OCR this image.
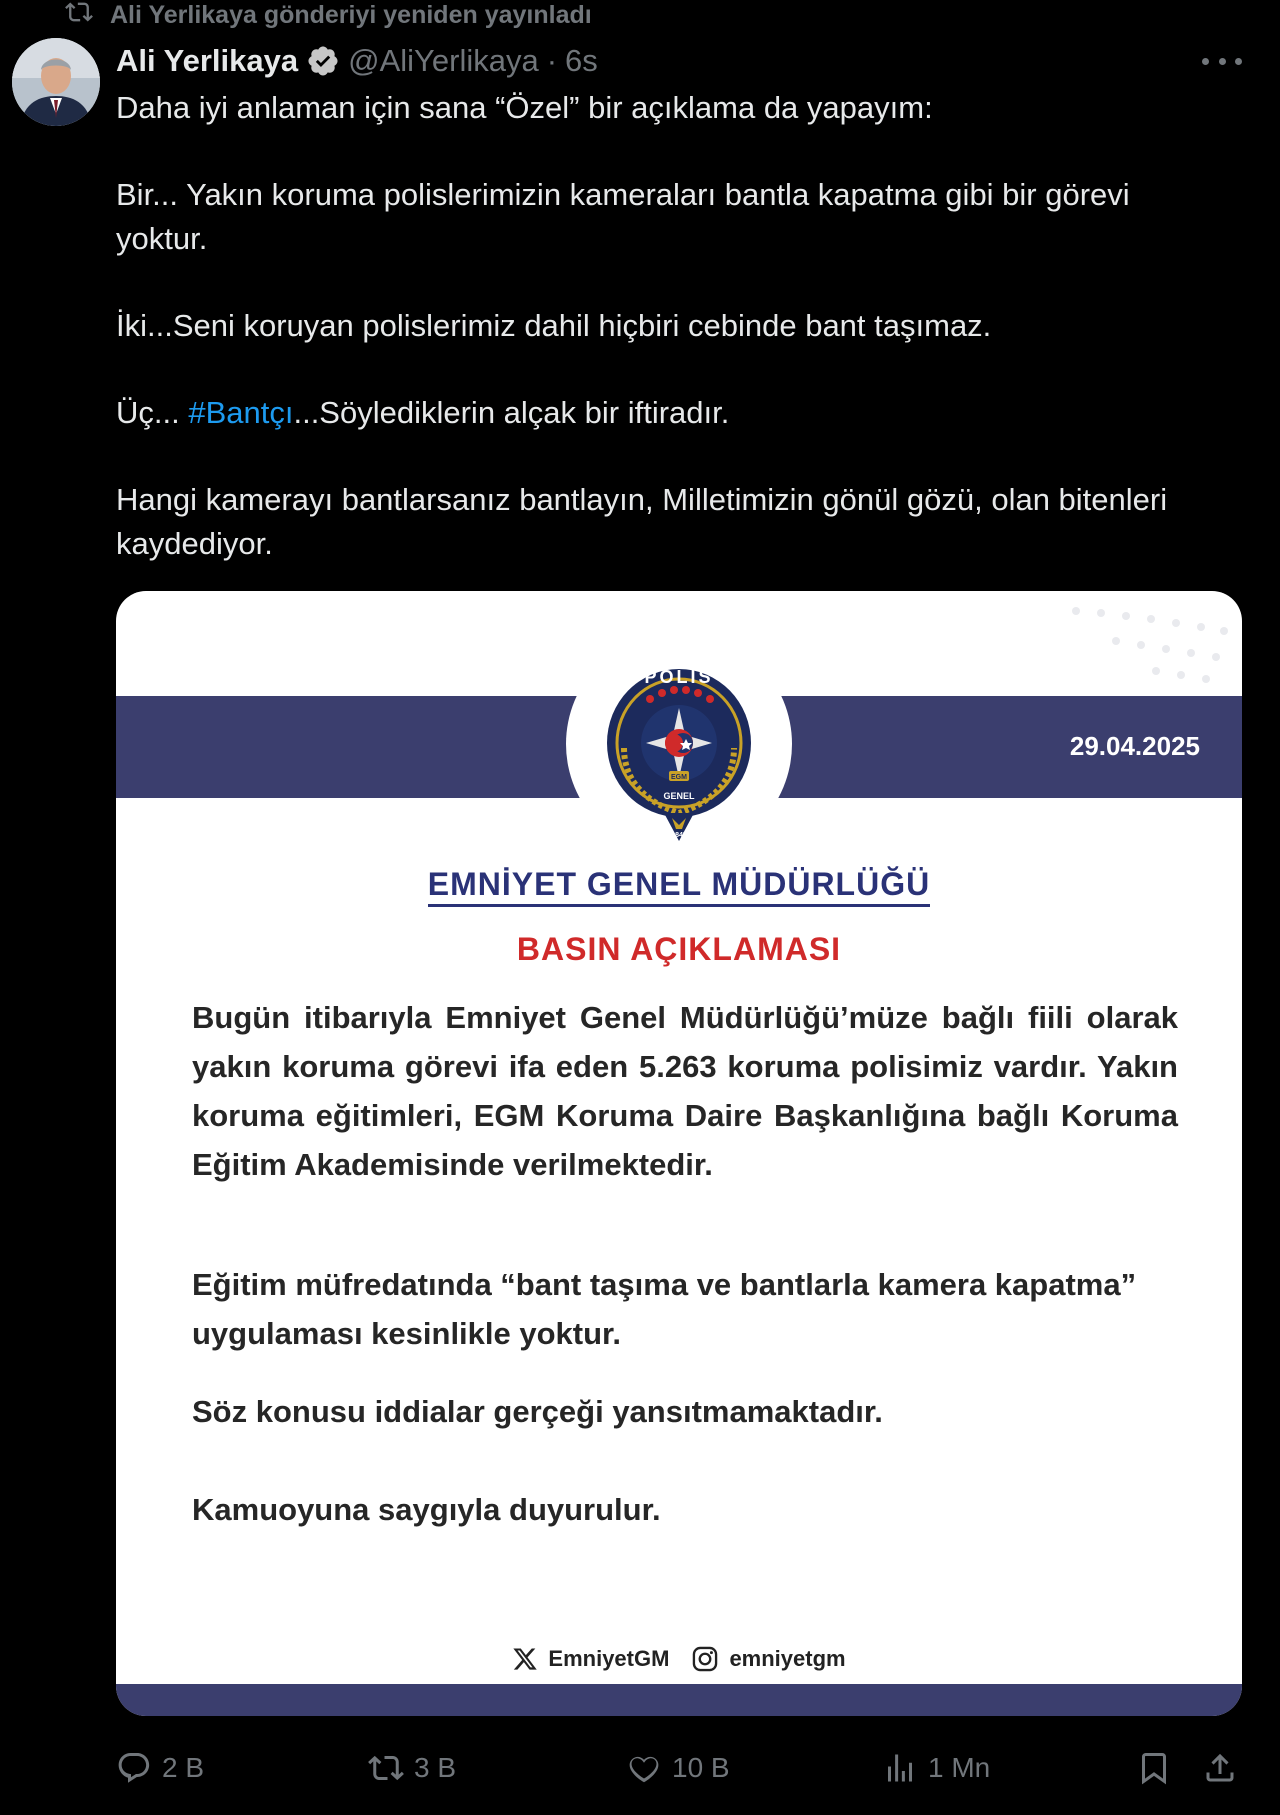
Ali Yerlikaya gönderiyi yeniden yayınladı
Ali Yerlikaya @AliYerlikaya · 6s

Daha iyi anlaman için sana “Özel” bir açıklama da yapayım:

Bir... Yakın koruma polislerimizin kameraları bantla kapatma gibi bir görevi yoktur.

İki...Seni koruyan polislerimiz dahil hiçbiri cebinde bant taşımaz.

Üç... #Bantçı...Söylediklerin alçak bir iftiradır.

Hangi kamerayı bantlarsanız bantlayın, Milletimizin gönül gözü, olan bitenleri kaydediyor.

29.04.2025
POLİS
GENEL
EGM
1845
EMNİYET GENEL MÜDÜRLÜĞÜ
BASIN AÇIKLAMASI
Bugün itibarıyla Emniyet Genel Müdürlüğü’müze bağlı fiili olarak yakın koruma görevi ifa eden 5.263 koruma polisimiz vardır. Yakın koruma eğitimleri, EGM Koruma Daire Başkanlığına bağlı Koruma Eğitim Akademisinde verilmektedir.
Eğitim müfredatında “bant taşıma ve bantlarla kamera kapatma” uygulaması kesinlikle yoktur.
Söz konusu iddialar gerçeği yansıtmamaktadır.
Kamuoyuna saygıyla duyurulur.
EmniyetGM	emniyetgm
2 B	3 B	10 B	1 Mn
